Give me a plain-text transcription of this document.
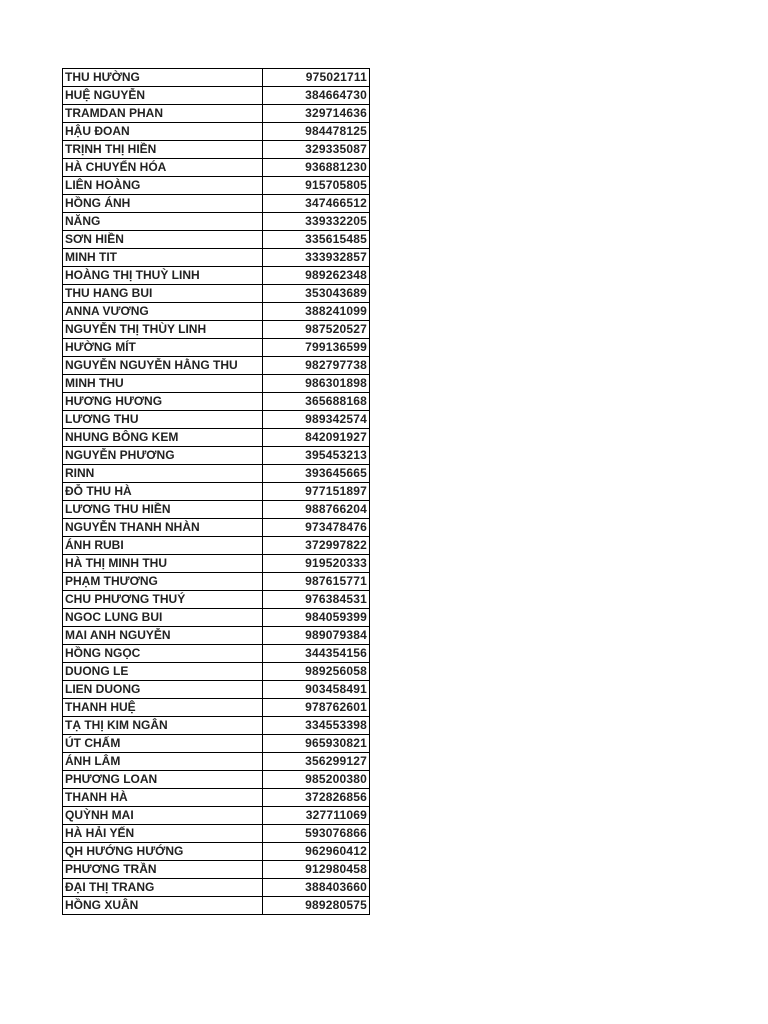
THU HƯỜNG	975021711
HUỆ NGUYỄN	384664730
TRAMDAN PHAN	329714636
HẬU ĐOAN	984478125
TRỊNH THỊ HIỀN	329335087
HÀ CHUYỂN HÓA	936881230
LIÊN HOÀNG	915705805
HỒNG ÁNH	347466512
NĂNG	339332205
SƠN HIỀN	335615485
MINH TIT	333932857
HOÀNG THỊ THUỲ LINH	989262348
THU HANG BUI	353043689
ANNA VƯƠNG	388241099
NGUYỄN THỊ THÙY LINH	987520527
HƯỜNG MÍT	799136599
NGUYỄN NGUYỄN HẰNG THU	982797738
MINH THU	986301898
HƯƠNG HƯƠNG	365688168
LƯƠNG THU	989342574
NHUNG BÔNG KEM	842091927
NGUYỄN PHƯƠNG	395453213
RINN	393645665
ĐỖ THU HÀ	977151897
LƯƠNG THU HIỀN	988766204
NGUYỄN THANH NHÀN	973478476
ÁNH RUBI	372997822
HÀ THỊ MINH THU	919520333
PHẠM THƯƠNG	987615771
CHU PHƯƠNG THUÝ	976384531
NGOC LUNG BUI	984059399
MAI ANH NGUYỄN	989079384
HỒNG NGỌC	344354156
DUONG LE	989256058
LIEN DUONG	903458491
THANH HUỆ	978762601
TẠ THỊ KIM NGÂN	334553398
ÚT CHẤM	965930821
ÁNH LÂM	356299127
PHƯƠNG LOAN	985200380
THANH HÀ	372826856
QUỲNH MAI	327711069
HÀ HẢI YẾN	593076866
QH HƯỚNG HƯỚNG	962960412
PHƯƠNG TRẦN	912980458
ĐẠI THỊ TRANG	388403660
HỒNG XUÂN	989280575
